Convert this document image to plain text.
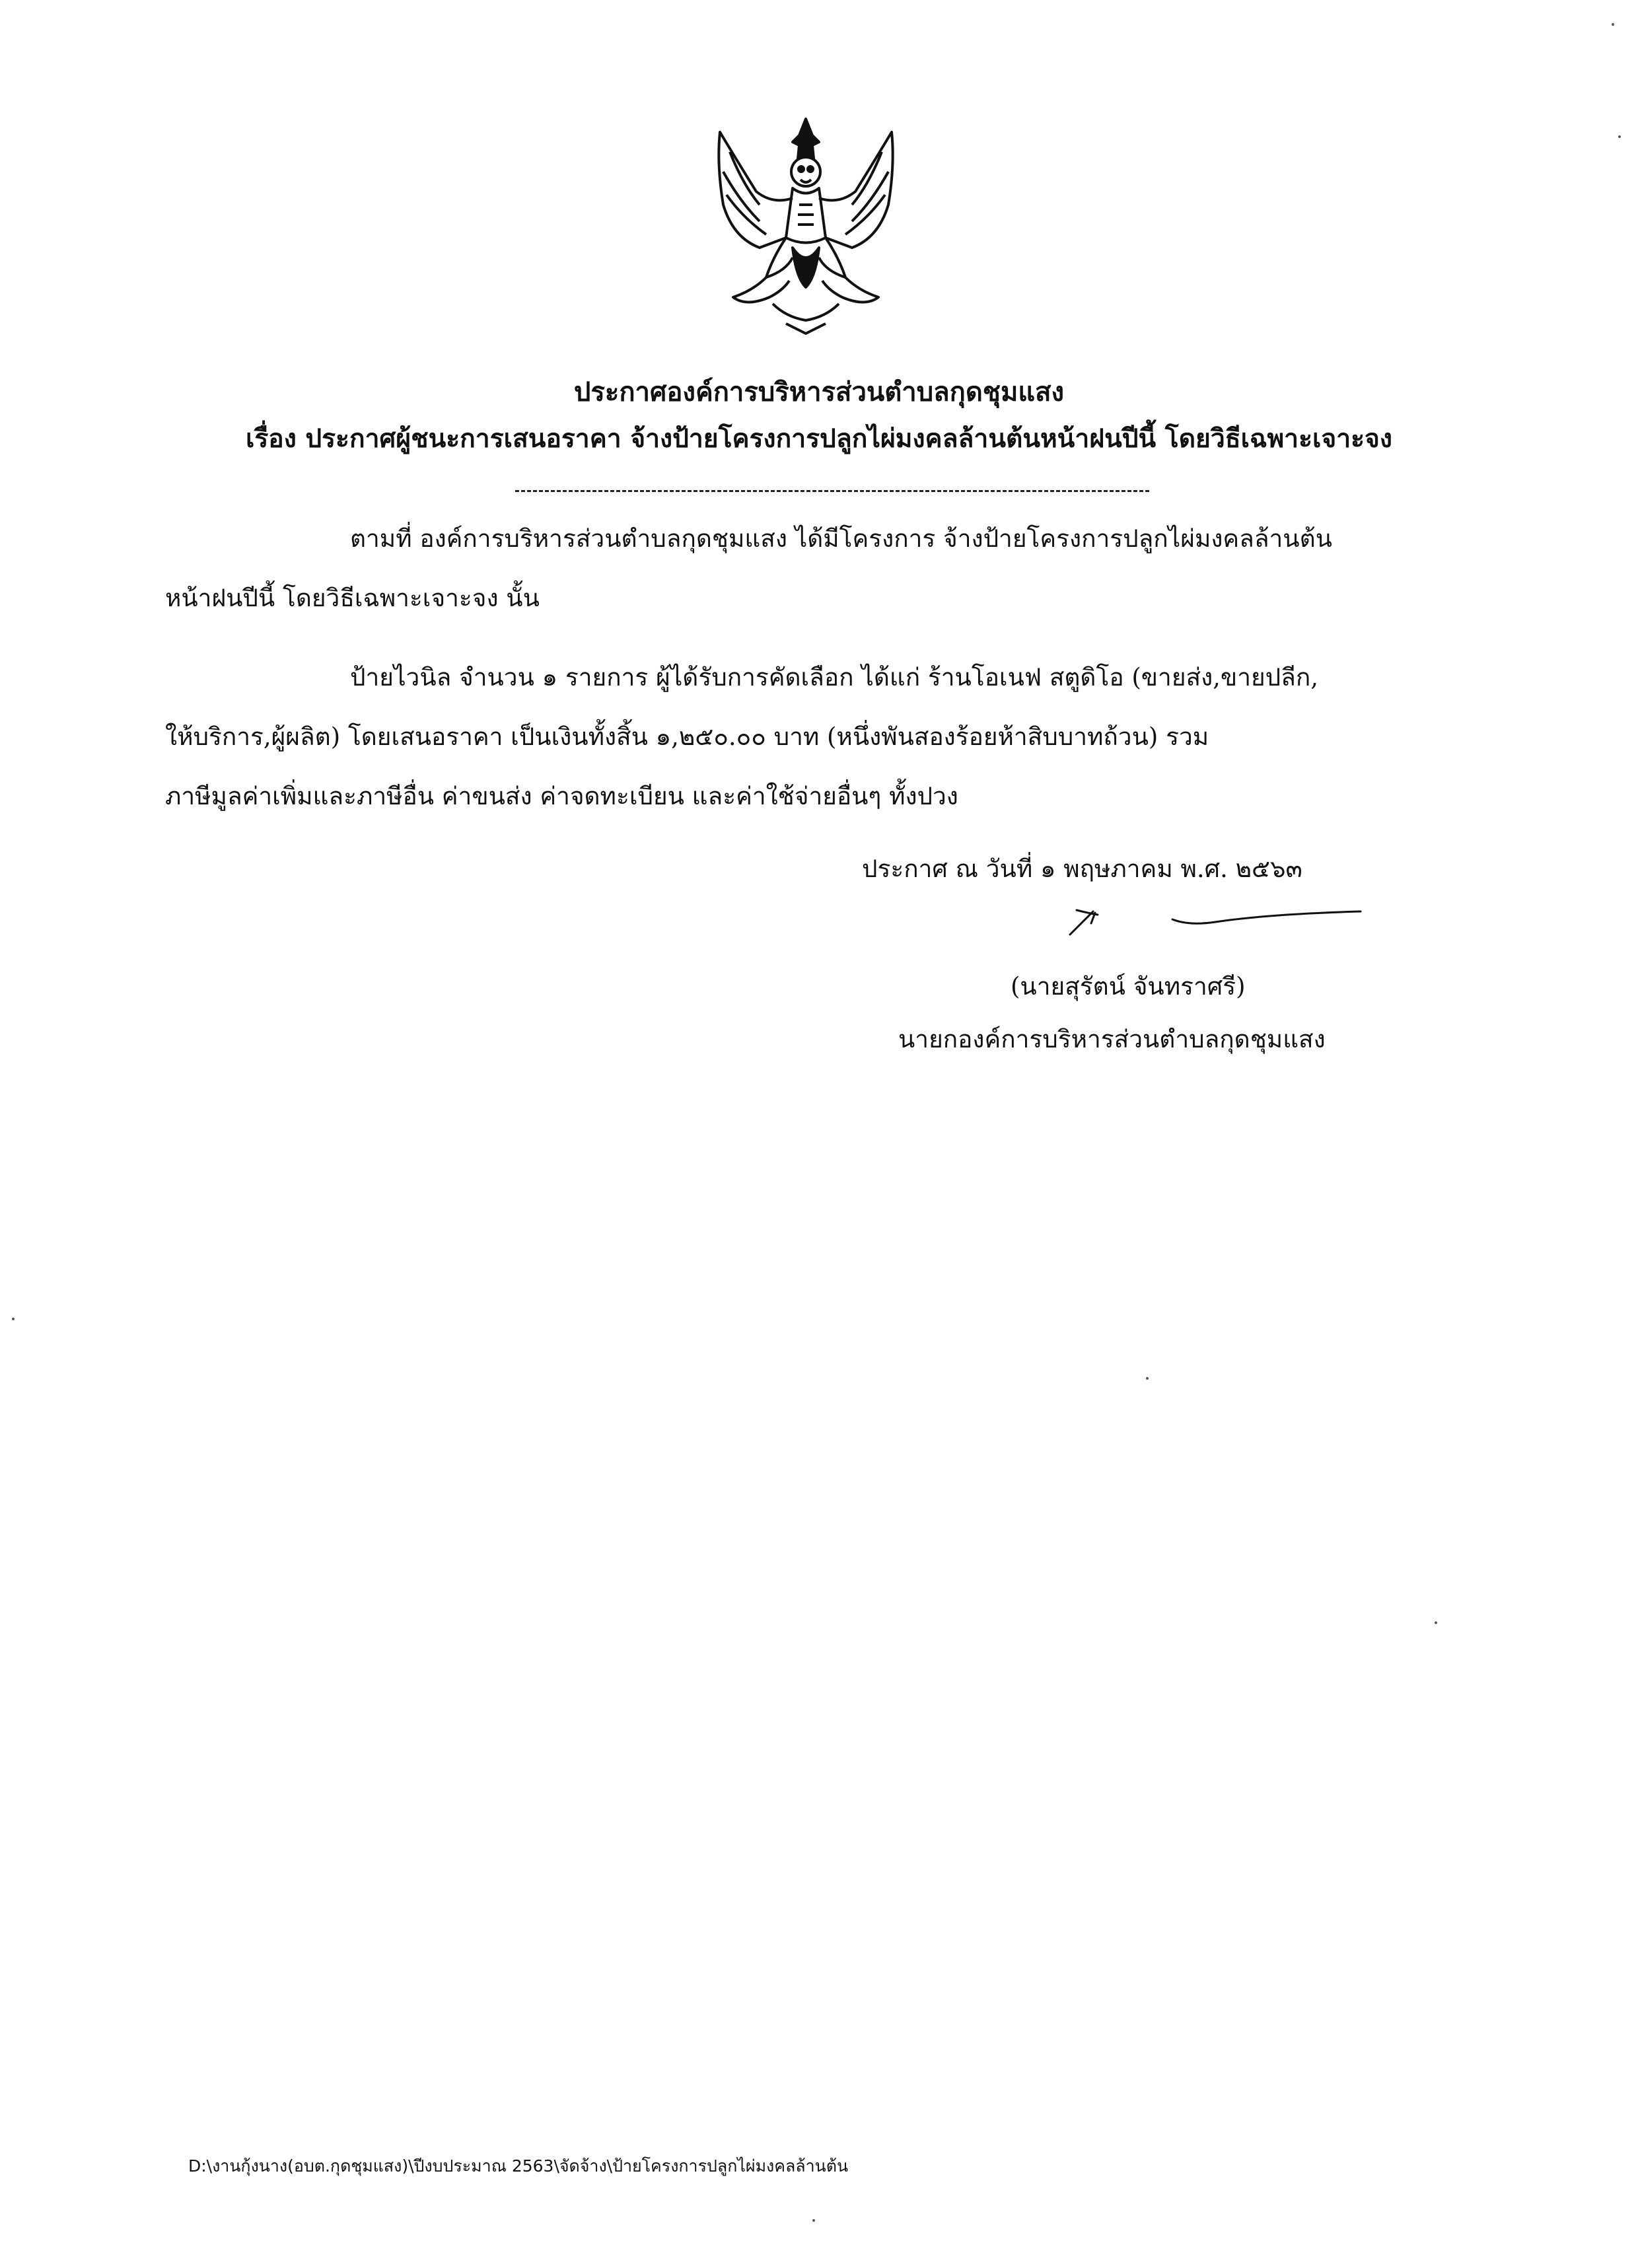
ประกาศองค์การบริหารส่วนตำบลกุดชุมแสง
เรื่อง ประกาศผู้ชนะการเสนอราคา จ้างป้ายโครงการปลูกไผ่มงคลล้านต้นหน้าฝนปีนี้ โดยวิธีเฉพาะเจาะจง
ตามที่ องค์การบริหารส่วนตำบลกุดชุมแสง ได้มีโครงการ จ้างป้ายโครงการปลูกไผ่มงคลล้านต้น
หน้าฝนปีนี้ โดยวิธีเฉพาะเจาะจง นั้น
ป้ายไวนิล จำนวน ๑ รายการ ผู้ได้รับการคัดเลือก ได้แก่ ร้านโอเนฟ สตูดิโอ (ขายส่ง,ขายปลีก,
ให้บริการ,ผู้ผลิต) โดยเสนอราคา เป็นเงินทั้งสิ้น ๑,๒๕๐.๐๐ บาท (หนึ่งพันสองร้อยห้าสิบบาทถ้วน) รวม
ภาษีมูลค่าเพิ่มและภาษีอื่น ค่าขนส่ง ค่าจดทะเบียน และค่าใช้จ่ายอื่นๆ ทั้งปวง
ประกาศ ณ วันที่ ๑ พฤษภาคม พ.ศ. ๒๕๖๓
(นายสุรัตน์ จันทราศรี)
นายกองค์การบริหารส่วนตำบลกุดชุมแสง
D:\งานกุ้งนาง(อบต.กุดชุมแสง)\ปีงบประมาณ 2563\จัดจ้าง\ป้ายโครงการปลูกไผ่มงคลล้านต้น
